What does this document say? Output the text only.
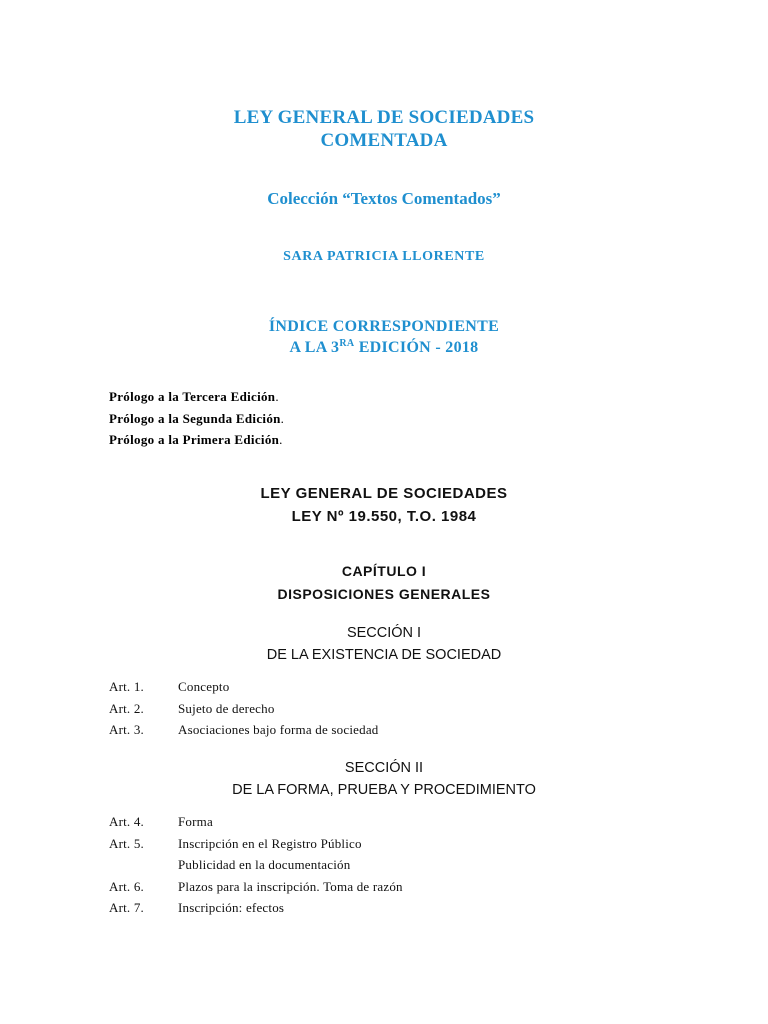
LEY GENERAL DE SOCIEDADES
COMENTADA
Colección “Textos Comentados”
SARA PATRICIA LLORENTE
ÍNDICE CORRESPONDIENTE
A LA $3^{RA}$ EDICIÓN - 2018
Prólogo a la Tercera Edición.
Prólogo a la Segunda Edición.
Prólogo a la Primera Edición.
LEY GENERAL DE SOCIEDADES
LEY Nº 19.550, T.O. 1984
CAPÍTULO I
DISPOSICIONES GENERALES
SECCIÓN I
DE LA EXISTENCIA DE SOCIEDAD
Art. 1.	Concepto
Art. 2.	Sujeto de derecho
Art. 3.	Asociaciones bajo forma de sociedad
SECCIÓN II
DE LA FORMA, PRUEBA Y PROCEDIMIENTO
Art. 4.	Forma
Art. 5.	Inscripción en el Registro Público
Publicidad en la documentación
Art. 6.	Plazos para la inscripción. Toma de razón
Art. 7.	Inscripción: efectos
